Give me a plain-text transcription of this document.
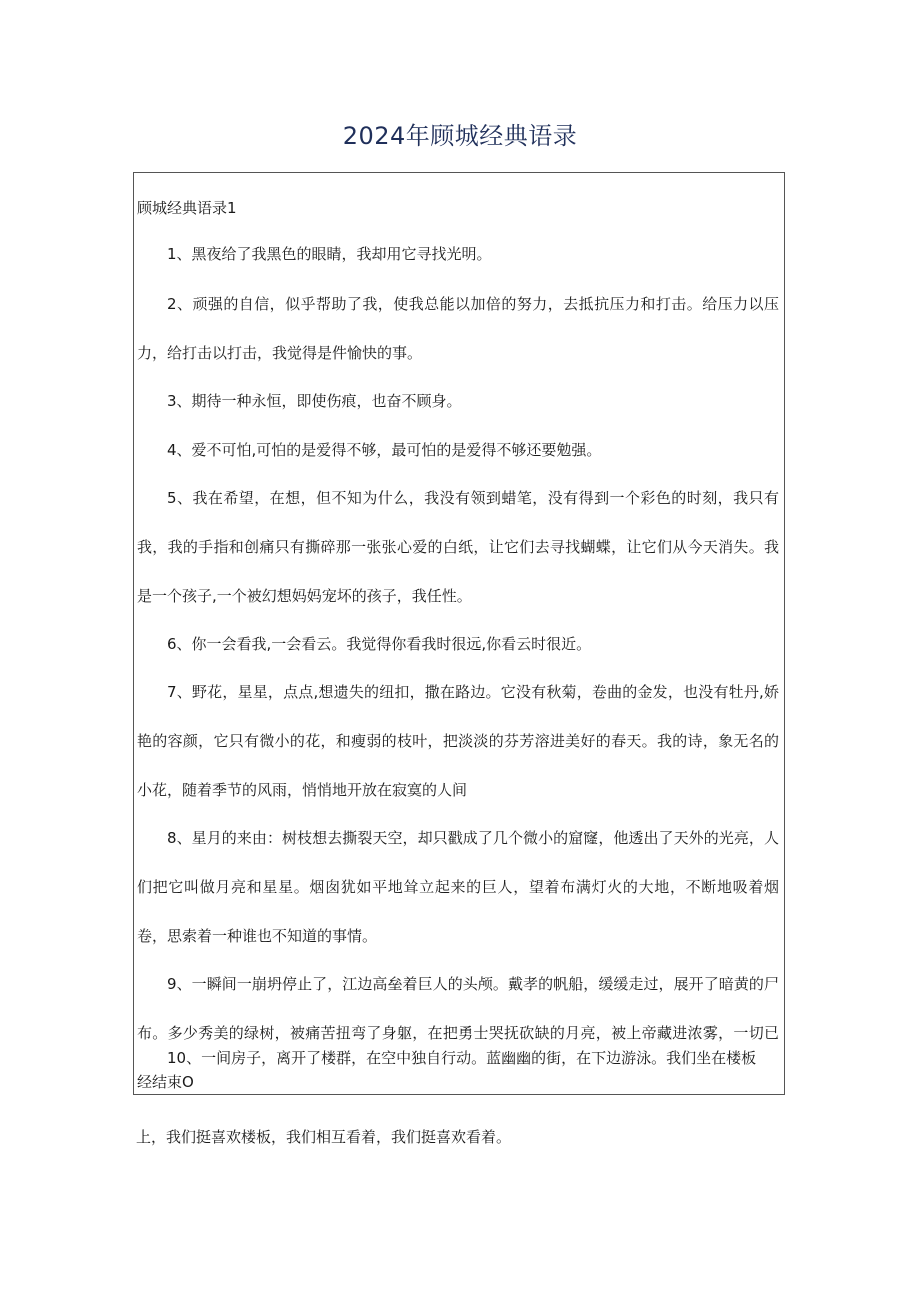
2024年顾城经典语录
顾城经典语录1
1、黑夜给了我黑色的眼睛，我却用它寻找光明。
2、顽强的自信，似乎帮助了我，使我总能以加倍的努力，去抵抗压力和打击。给压力以压力，给打击以打击，我觉得是件愉快的事。
3、期待一种永恒，即使伤痕，也奋不顾身。
4、爱不可怕,可怕的是爱得不够，最可怕的是爱得不够还要勉强。
5、我在希望，在想，但不知为什么，我没有领到蜡笔，没有得到一个彩色的时刻，我只有我，我的手指和创痛只有撕碎那一张张心爱的白纸，让它们去寻找蝴蝶，让它们从今天消失。我是一个孩子,一个被幻想妈妈宠坏的孩子，我任性。
6、你一会看我,一会看云。我觉得你看我时很远,你看云时很近。
7、野花，星星，点点,想遗失的纽扣，撒在路边。它没有秋菊，卷曲的金发，也没有牡丹,娇艳的容颜，它只有微小的花，和瘦弱的枝叶，把淡淡的芬芳溶进美好的春天。我的诗，象无名的小花，随着季节的风雨，悄悄地开放在寂寞的人间
8、星月的来由：树枝想去撕裂天空，却只戳成了几个微小的窟窿，他透出了天外的光亮，人们把它叫做月亮和星星。烟囱犹如平地耸立起来的巨人，望着布满灯火的大地，不断地吸着烟卷，思索着一种谁也不知道的事情。
9、一瞬间一崩坍停止了，江边高垒着巨人的头颅。戴孝的帆船，缓缓走过，展开了暗黄的尸布。多少秀美的绿树，被痛苦扭弯了身躯，在把勇士哭抚砍缺的月亮，被上帝藏进浓雾，一切已经结束O
10、一间房子，离开了楼群，在空中独自行动。蓝幽幽的街，在下边游泳。我们坐在楼板
上，我们挺喜欢楼板，我们相互看着，我们挺喜欢看着。
